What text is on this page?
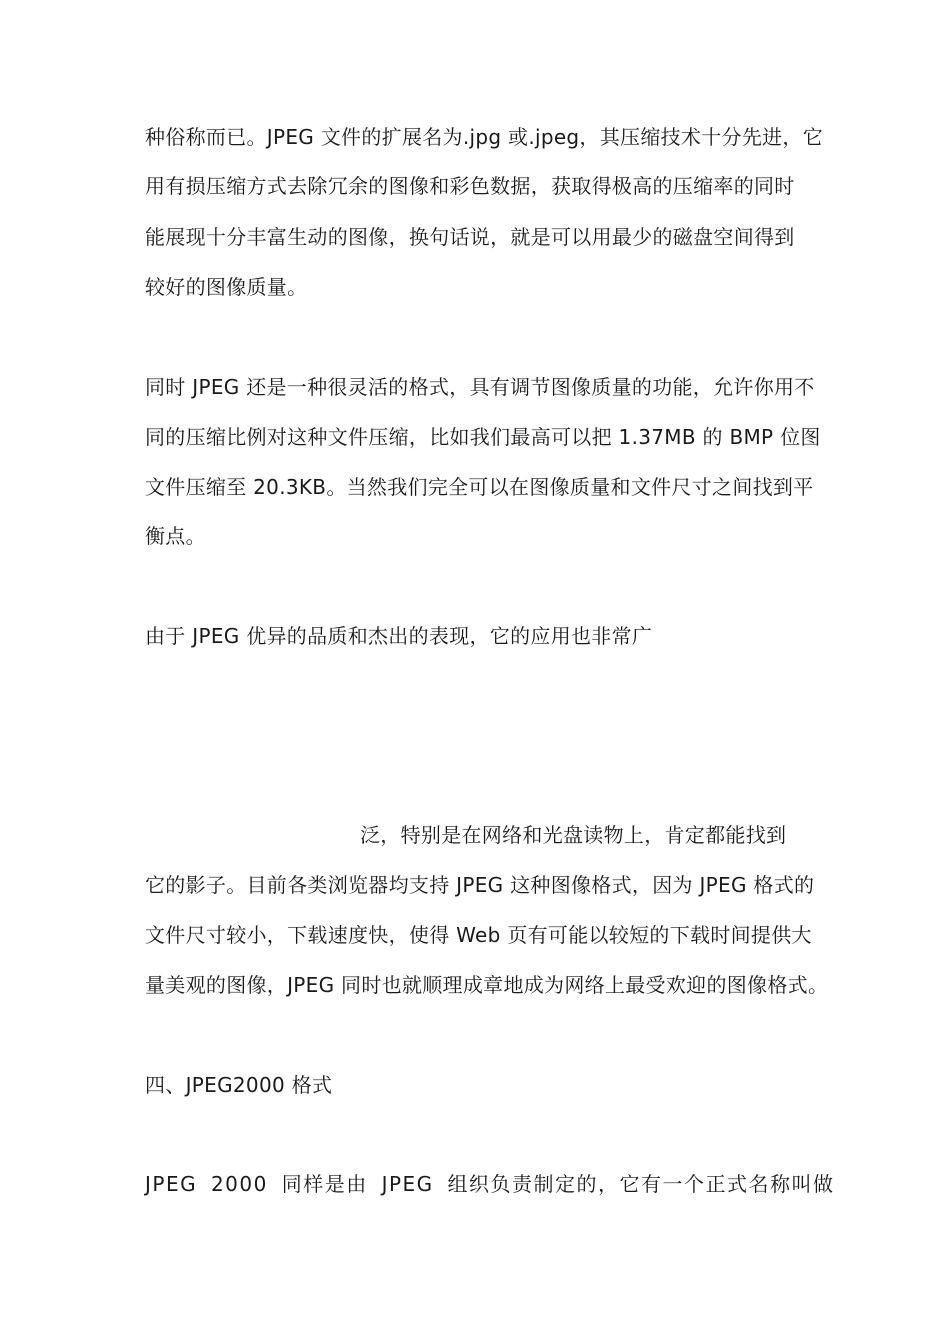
种俗称而已。JPEG 文件的扩展名为.jpg 或.jpeg，其压缩技术十分先进，它
用有损压缩方式去除冗余的图像和彩色数据，获取得极高的压缩率的同时
能展现十分丰富生动的图像，换句话说，就是可以用最少的磁盘空间得到
较好的图像质量。
同时 JPEG 还是一种很灵活的格式，具有调节图像质量的功能，允许你用不
同的压缩比例对这种文件压缩，比如我们最高可以把 1.37MB 的 BMP 位图
文件压缩至 20.3KB。当然我们完全可以在图像质量和文件尺寸之间找到平
衡点。
由于 JPEG 优异的品质和杰出的表现，它的应用也非常广
泛，特别是在网络和光盘读物上，肯定都能找到
它的影子。目前各类浏览器均支持 JPEG 这种图像格式，因为 JPEG 格式的
文件尺寸较小，下载速度快，使得 Web 页有可能以较短的下载时间提供大
量美观的图像，JPEG 同时也就顺理成章地成为网络上最受欢迎的图像格式。
四、JPEG2000 格式
JPEG 2000 同样是由 JPEG 组织负责制定的，它有一个正式名称叫做
